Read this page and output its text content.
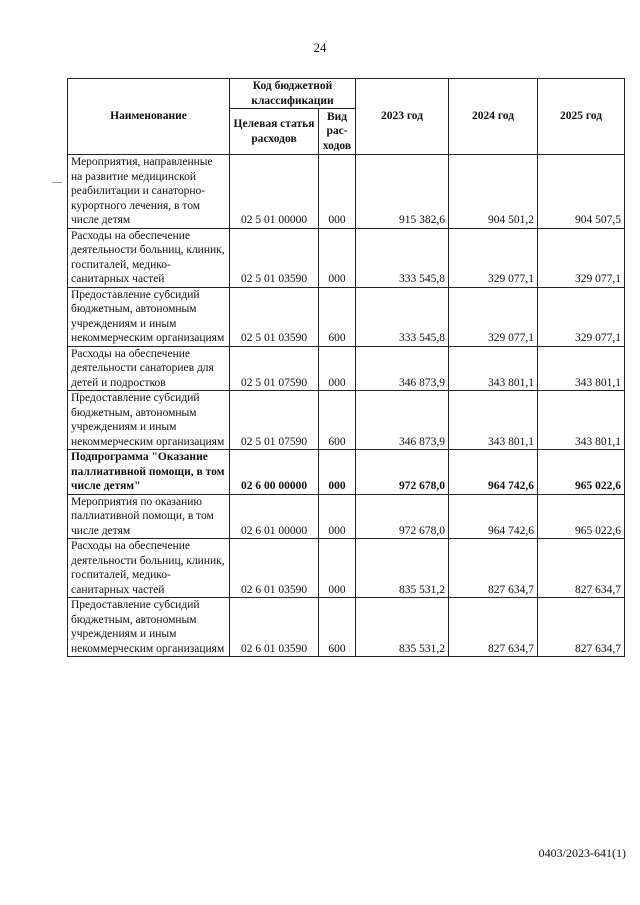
24
Наименование	Код бюджетной классификации		2023 год	2024 год	2025 год
	Целевая статья расходов	Вид рас-ходов			
Мероприятия, направленные на развитие медицинской реабилитации и санаторно-курортного лечения, в том числе детям	02 5 01 00000	000	915 382,6	904 501,2	904 507,5
Расходы на обеспечение деятельности больниц, клиник, госпиталей, медико-санитарных частей	02 5 01 03590	000	333 545,8	329 077,1	329 077,1
Предоставление субсидий бюджетным, автономным учреждениям и иным некоммерческим организациям	02 5 01 03590	600	333 545,8	329 077,1	329 077,1
Расходы на обеспечение деятельности санаториев для детей и подростков	02 5 01 07590	000	346 873,9	343 801,1	343 801,1
Предоставление субсидий бюджетным, автономным учреждениям и иным некоммерческим организациям	02 5 01 07590	600	346 873,9	343 801,1	343 801,1
Подпрограмма "Оказание паллиативной помощи, в том числе детям"	02 6 00 00000	000	972 678,0	964 742,6	965 022,6
Мероприятия по оказанию паллиативной помощи, в том числе детям	02 6 01 00000	000	972 678,0	964 742,6	965 022,6
Расходы на обеспечение деятельности больниц, клиник, госпиталей, медико-санитарных частей	02 6 01 03590	000	835 531,2	827 634,7	827 634,7
Предоставление субсидий бюджетным, автономным учреждениям и иным некоммерческим организациям	02 6 01 03590	600	835 531,2	827 634,7	827 634,7
0403/2023-641(1)
